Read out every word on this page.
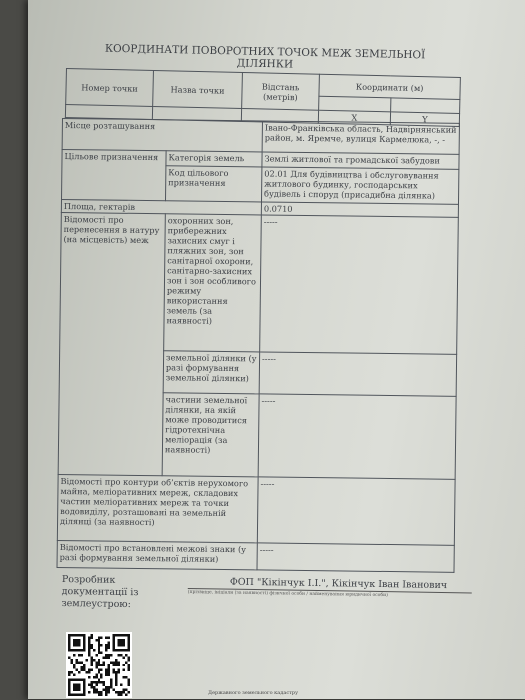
КООРДИНАТИ ПОВОРОТНИХ ТОЧОК МЕЖ ЗЕМЕЛЬНОЇ ДІЛЯНКИ
Номер точки	Назва точки	Відстань (метрів)	Координати (м)	

			X	Y
Місце розташування		Івано-Франківська область, Надвірнянський район, м. Яремче, вулиця Кармелюка, -, -
Цільове призначення	Категорія земель	Землі житлової та громадської забудови
	Код цільового призначення	02.01 Для будівництва і обслуговування житлового будинку, господарських будівель і споруд (присадибна ділянка)
Площа, гектарів		0.0710
Відомості про перенесення в натуру (на місцевість) меж	охоронних зон, прибережних захисних смуг і пляжних зон, зон санітарної охорони, санітарно-захисних зон і зон особливого режиму використання земель (за наявності)	-----
	земельної ділянки (у разі формування земельної ділянки)	-----
	частини земельної ділянки, на якій може проводитися гідротехнічна меліорація (за наявності)	-----
Відомості про контури об’єктів нерухомого майна, меліоративних мереж, складових частин меліоративних мереж та точки водовиділу, розташовані на земельній ділянці (за наявності)		-----
Відомості про встановлені межові знаки (у разі формування земельної ділянки)		-----
Розробник документації із землеустрою:
ФОП "Кікінчук І.І.", Кікінчук Іван Іванович
(прізвище, ініціали (за наявності) фізичної особи / найменування юридичної особи)
Державного земельного кадастру
